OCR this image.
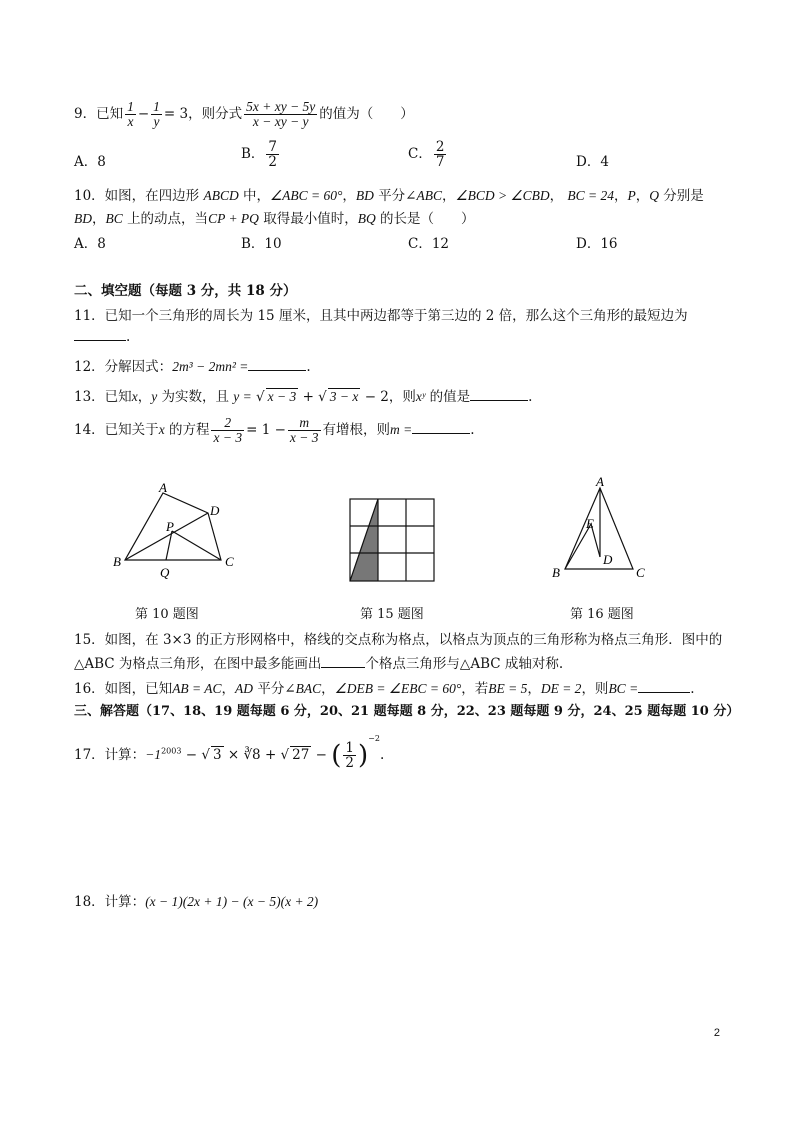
9．已知 $\frac{1}{x} - \frac{1}{y} = 3$，则分式 $\frac{5x + xy - 5y}{x - xy - y}$ 的值为（　　）
A．8	B． $\frac{7}{2}$	C． $\frac{2}{7}$	D．4
10．如图，在四边形 ABCD 中，∠ABC = 60°，BD 平分∠ABC，∠BCD > ∠CBD， BC = 24，P，Q 分别是
BD，BC 上的动点，当CP + PQ 取得最小值时，BQ 的长是（　　）
A．8	B．10	C．12	D．16
二、填空题（每题 3 分，共 18 分）
11．已知一个三角形的周长为 15 厘米，且其中两边都等于第三边的 2 倍，那么这个三角形的最短边为
.
12．分解因式：2m³ − 2mn² =	.
13．已知x，y 为实数，且 y = √ x − 3 + √ 3 − x − 2，则xʸ 的值是	.
14．已知关于x 的方程 $\frac{2}{x - 3} = 1 - \frac{m}{x - 3}$ 有增根，则m =	.
A
D
P
B	C
Q
第 10 题图	第 15 题图
A
E
D
B	C
第 16 题图
15．如图，在 3×3 的正方形网格中，格线的交点称为格点，以格点为顶点的三角形称为格点三角形．图中的
△ABC 为格点三角形，在图中最多能画出	个格点三角形与△ABC 成轴对称.
16．如图，已知AB = AC，AD 平分∠BAC，∠DEB = ∠EBC = 60°，若BE = 5，DE = 2，则BC =	.
三、解答题（17、18、19 题每题 6 分，20、21 题每题 8 分，22、23 题每题 9 分，24、25 题每题 10 分）
17．计算：$-1^{2003}$ − √ 3 × ∛8 + √ 27 − ( $\frac{1}{2} )^{-2}$.
18．计算：(x − 1)(2x + 1) − (x − 5)(x + 2)
2
